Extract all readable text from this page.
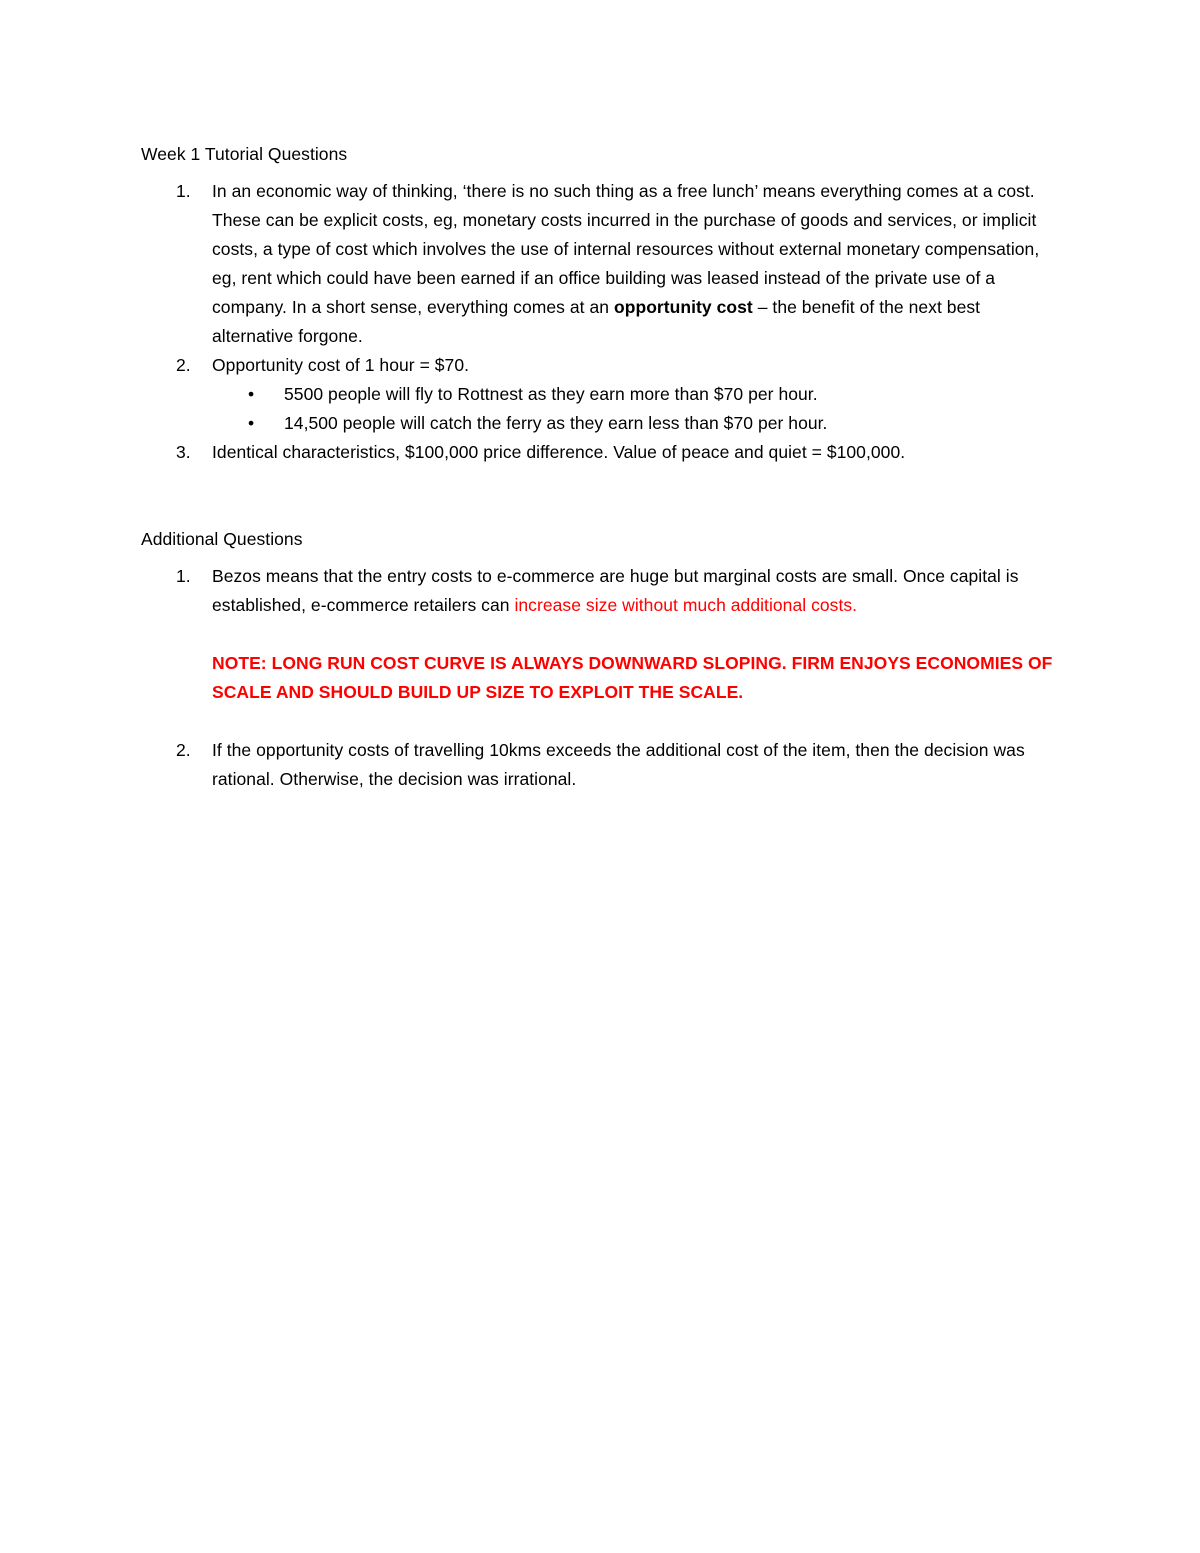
Week 1 Tutorial Questions
1. In an economic way of thinking, ‘there is no such thing as a free lunch’ means everything comes at a cost. These can be explicit costs, eg, monetary costs incurred in the purchase of goods and services, or implicit costs, a type of cost which involves the use of internal resources without external monetary compensation, eg, rent which could have been earned if an office building was leased instead of the private use of a company. In a short sense, everything comes at an opportunity cost – the benefit of the next best alternative forgone.
2. Opportunity cost of 1 hour = $70.
• 5500 people will fly to Rottnest as they earn more than $70 per hour.
• 14,500 people will catch the ferry as they earn less than $70 per hour.
3. Identical characteristics, $100,000 price difference. Value of peace and quiet = $100,000.
Additional Questions
1. Bezos means that the entry costs to e-commerce are huge but marginal costs are small. Once capital is established, e-commerce retailers can increase size without much additional costs.
NOTE: LONG RUN COST CURVE IS ALWAYS DOWNWARD SLOPING. FIRM ENJOYS ECONOMIES OF SCALE AND SHOULD BUILD UP SIZE TO EXPLOIT THE SCALE.
2. If the opportunity costs of travelling 10kms exceeds the additional cost of the item, then the decision was rational. Otherwise, the decision was irrational.
